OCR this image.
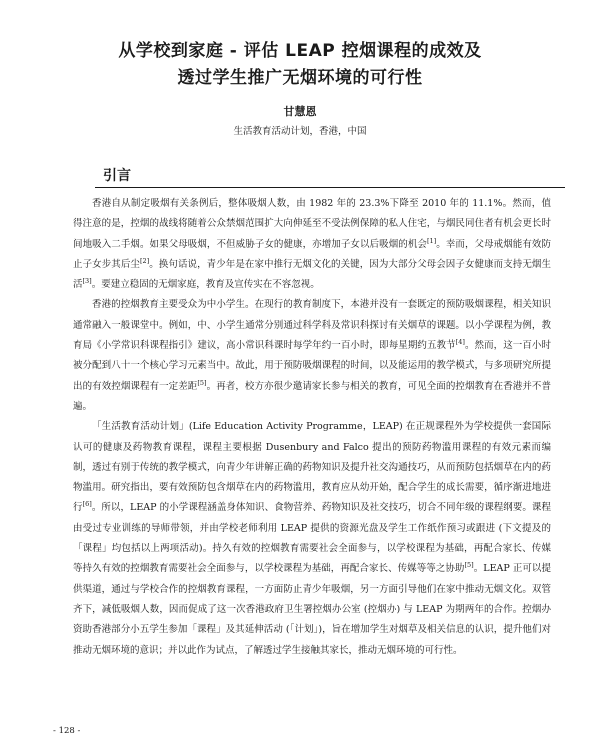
从学校到家庭 - 评估 LEAP 控烟课程的成效及
透过学生推广无烟环境的可行性
甘慧恩
生活教育活动计划，香港，中国
引言

香港自从制定吸烟有关条例后，整体吸烟人数，由 1982 年的 23.3%下降至 2010 年的 11.1%。然而，值得注意的是，控烟的战线将随着公众禁烟范围扩大向伸延至不受法例保障的私人住宅，与烟民同住者有机会更长时间地吸入二手烟。如果父母吸烟，不但威胁子女的健康，亦增加子女以后吸烟的机会[1]。幸而，父母戒烟能有效防止子女步其后尘[2]。换句话说，青少年是在家中推行无烟文化的关键，因为大部分父母会因子女健康而支持无烟生活[3]。要建立稳固的无烟家庭，教育及宣传实在不容忽视。

香港的控烟教育主要受众为中小学生。在现行的教育制度下，本港并没有一套既定的预防吸烟课程，相关知识通常融入一般课堂中。例如，中、小学生通常分别通过科学科及常识科探讨有关烟草的课题。以小学课程为例，教育局《小学常识科课程指引》建议，高小常识科课时每学年约一百小时，即每星期约五教节[4]。然而，这一百小时被分配到八十一个核心学习元素当中。故此，用于预防吸烟课程的时间，以及能运用的教学模式，与多项研究所提出的有效控烟课程有一定差距[5]。再者，校方亦很少邀请家长参与相关的教育，可见全面的控烟教育在香港并不普遍。

「生活教育活动计划」(Life Education Activity Programme，LEAP) 在正规课程外为学校提供一套国际认可的健康及药物教育课程，课程主要根据 Dusenbury and Falco 提出的预防药物滥用课程的有效元素而编制，透过有别于传统的教学模式，向青少年讲解正确的药物知识及提升社交沟通技巧，从而预防包括烟草在内的药物滥用。研究指出，要有效预防包含烟草在内的药物滥用，教育应从幼开始，配合学生的成长需要，循序渐进地进行[6]。所以，LEAP 的小学课程涵盖身体知识、食物营养、药物知识及社交技巧，切合不同年级的课程纲要。课程由受过专业训练的导师带领，并由学校老师利用 LEAP 提供的资源光盘及学生工作纸作预习或跟进 (下文提及的「课程」均包括以上两项活动)。持久有效的控烟教育需要社会全面参与，以学校课程为基础，再配合家长、传媒等持久有效的控烟教育需要社会全面参与，以学校课程为基础，再配合家长、传媒等等之协助[5]。LEAP 正可以提供渠道，通过与学校合作的控烟教育课程，一方面防止青少年吸烟，另一方面引导他们在家中推动无烟文化。双管齐下，减低吸烟人数，因而促成了这一次香港政府卫生署控烟办公室 (控烟办) 与 LEAP 为期两年的合作。控烟办资助香港部分小五学生参加「课程」及其延伸活动 (「计划」)，旨在增加学生对烟草及相关信息的认识，提升他们对推动无烟环境的意识；并以此作为试点，了解透过学生接触其家长，推动无烟环境的可行性。

- 128 -
